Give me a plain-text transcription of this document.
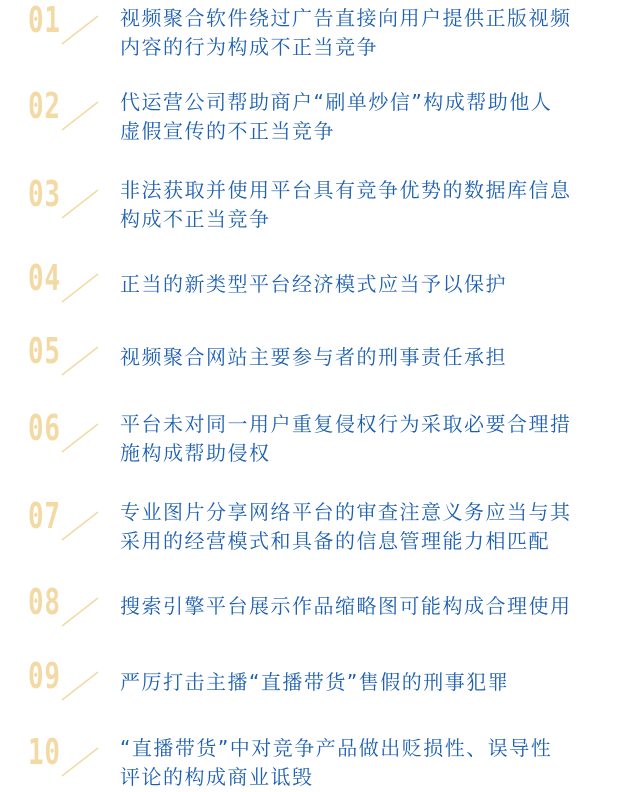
01	视频聚合软件绕过广告直接向用户提供正版视频
内容的行为构成不正当竞争
02	代运营公司帮助商户“刷单炒信”构成帮助他人
虚假宣传的不正当竞争
03	非法获取并使用平台具有竞争优势的数据库信息
构成不正当竞争
04	正当的新类型平台经济模式应当予以保护
05	视频聚合网站主要参与者的刑事责任承担
06	平台未对同一用户重复侵权行为采取必要合理措
施构成帮助侵权
07	专业图片分享网络平台的审查注意义务应当与其
采用的经营模式和具备的信息管理能力相匹配
08	搜索引擎平台展示作品缩略图可能构成合理使用
09	严厉打击主播“直播带货”售假的刑事犯罪
10	“直播带货”中对竞争产品做出贬损性、误导性
评论的构成商业诋毁
